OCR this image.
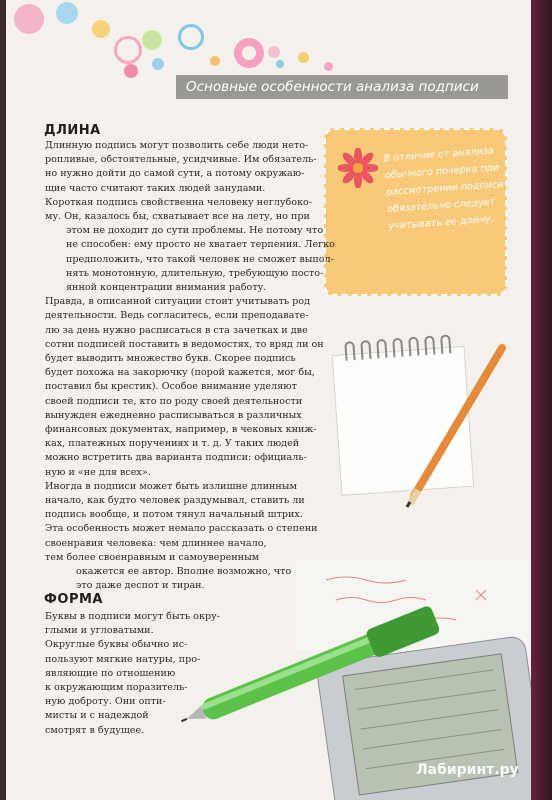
Основные особенности анализа подписи

В отличие от анализа обычного почерка при рассмотрении подписи обязательно следует учитывать ее длину.

ДЛИНА

Длинную подпись могут позволить себе люди нето-

ропливые, обстоятельные, усидчивые. Им обязатель-

но нужно дойти до самой сути, а потому окружаю-

щие часто считают таких людей занудами.

Короткая подпись свойственна человеку неглубоко-

му. Он, казалось бы, схватывает все на лету, но при

этом не доходит до сути проблемы. Не потому что

не способен: ему просто не хватает терпения. Легко

предположить, что такой человек не сможет выпол-

нять монотонную, длительную, требующую посто-

янной концентрации внимания работу.

Правда, в описанной ситуации стоит учитывать род

деятельности. Ведь согласитесь, если преподавате-

лю за день нужно расписаться в ста зачетках и две

сотни подписей поставить в ведомостях, то вряд ли он

будет выводить множество букв. Скорее подпись

будет похожа на закорючку (порой кажется, мог бы,

поставил бы крестик). Особое внимание уделяют

своей подписи те, кто по роду своей деятельности

вынужден ежедневно расписываться в различных

финансовых документах, например, в чековых книж-

ках, платежных поручениях и т. д. У таких людей

можно встретить два варианта подписи: официаль-

ную и «не для всех».

Иногда в подписи может быть излишне длинным

начало, как будто человек раздумывал, ставить ли

подпись вообще, и потом тянул начальный штрих.

Эта особенность может немало рассказать о степени

своенравия человека: чем длиннее начало,

тем более своенравным и самоуверенным

окажется ее автор. Вполне возможно, что

это даже деспот и тиран.

ФОРМА

Буквы в подписи могут быть окру-

глыми и угловатыми.

Округлые буквы обычно ис-

пользуют мягкие натуры, про-

являющие по отношению

к окружающим поразитель-

ную доброту. Они опти-

мисты и с надеждой

смотрят в будущее.

Лабиринт.ру
